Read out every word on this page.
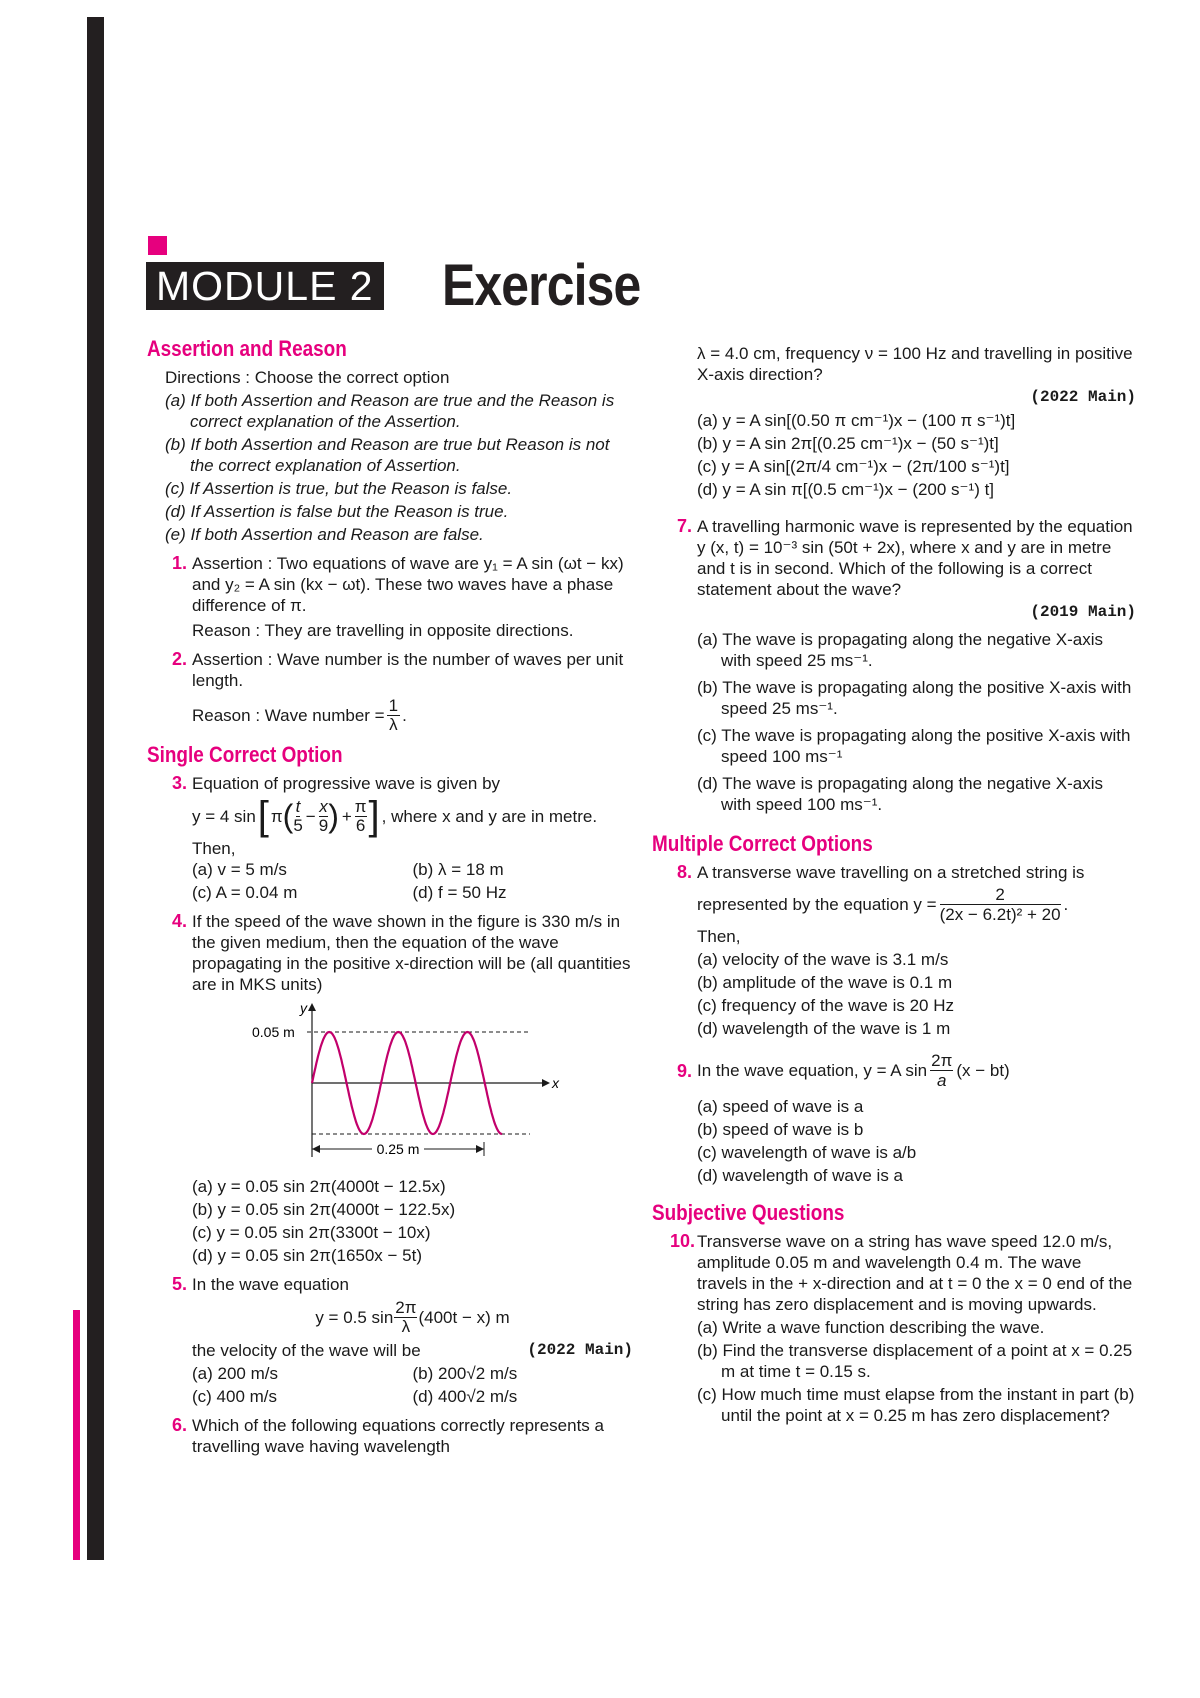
MODULE 2 Exercise
Assertion and Reason

Directions : Choose the correct option

(a) If both Assertion and Reason are true and the Reason is correct explanation of the Assertion.

(b) If both Assertion and Reason are true but Reason is not the correct explanation of Assertion.

(c) If Assertion is true, but the Reason is false.

(d) If Assertion is false but the Reason is true.

(e) If both Assertion and Reason are false.

1. Assertion : Two equations of wave are y₁ = A sin (ωt − kx) and y₂ = A sin (kx − ωt). These two waves have a phase difference of π.

Reason : They are travelling in opposite directions.

2. Assertion : Wave number is the number of waves per unit length.

Reason : Wave number = $\frac{1}{\lambda}$ .
Single Correct Option
3. Equation of progressive wave is given by

y = 4 sin [ π ( t
$5 - \frac{x}{9}$ ) + $\frac{\pi}{6}$ ] , where x and y are in metre.

Then,

(a) v = 5 m/s	(b) λ = 18 m
(c) A = 0.04 m	(d) f = 50 Hz
4. If the speed of the wave shown in the figure is 330 m/s in the given medium, then the equation of the wave propagating in the positive x-direction will be (all quantities are in MKS units)

y
x
0.05 m
0.25 m

(a) y = 0.05 sin 2π(4000t − 12.5x)

(b) y = 0.05 sin 2π(4000t − 122.5x)

(c) y = 0.05 sin 2π(3300t − 10x)

(d) y = 0.05 sin 2π(1650x − 5t)

5. In the wave equation

y = 0.5 $\sin \frac{2\pi}{\lambda} (400t - x)$ m

the velocity of the wave will be	(2022 Main)

(a) 200 m/s	(b) 200√2 m/s
(c) 400 m/s	(d) 400√2 m/s
6. Which of the following equations correctly represents a travelling wave having wavelength

λ = 4.0 cm, frequency ν = 100 Hz and travelling in positive X-axis direction?

(2022 Main)

(a) y = A sin[(0.50 π cm⁻¹)x − (100 π s⁻¹)t]

(b) y = A sin 2π[(0.25 cm⁻¹)x − (50 s⁻¹)t]

(c) y = A sin[(2π/4 cm⁻¹)x − (2π/100 s⁻¹)t]

(d) y = A sin π[(0.5 cm⁻¹)x − (200 s⁻¹) t]

7. A travelling harmonic wave is represented by the equation y (x, t) = 10⁻³ sin (50t + 2x), where x and y are in metre and t is in second. Which of the following is a correct statement about the wave?

(2019 Main)

(a) The wave is propagating along the negative X-axis with speed 25 ms⁻¹.

(b) The wave is propagating along the positive X-axis with speed 25 ms⁻¹.

(c) The wave is propagating along the positive X-axis with speed 100 ms⁻¹

(d) The wave is propagating along the negative X-axis with speed 100 ms⁻¹.

Multiple Correct Options
8. A transverse wave travelling on a stretched string is

represented by the equation $y = \frac{2}{\text{(2x − 6.2t)² + 20}}$ .

Then,

(a) velocity of the wave is 3.1 m/s

(b) amplitude of the wave is 0.1 m

(c) frequency of the wave is 20 Hz

(d) wavelength of the wave is 1 m

9. In the wave equation, y = A $\sin \frac{2\pi}{a} (x - bt)$

(a) speed of wave is a

(b) speed of wave is b

(c) wavelength of wave is a/b

(d) wavelength of wave is a

Subjective Questions
10. Transverse wave on a string has wave speed 12.0 m/s, amplitude 0.05 m and wavelength 0.4 m. The wave travels in the + x-direction and at t = 0 the x = 0 end of the string has zero displacement and is moving upwards.

(a) Write a wave function describing the wave.

(b) Find the transverse displacement of a point at x = 0.25 m at time t = 0.15 s.

(c) How much time must elapse from the instant in part (b) until the point at x = 0.25 m has zero displacement?
